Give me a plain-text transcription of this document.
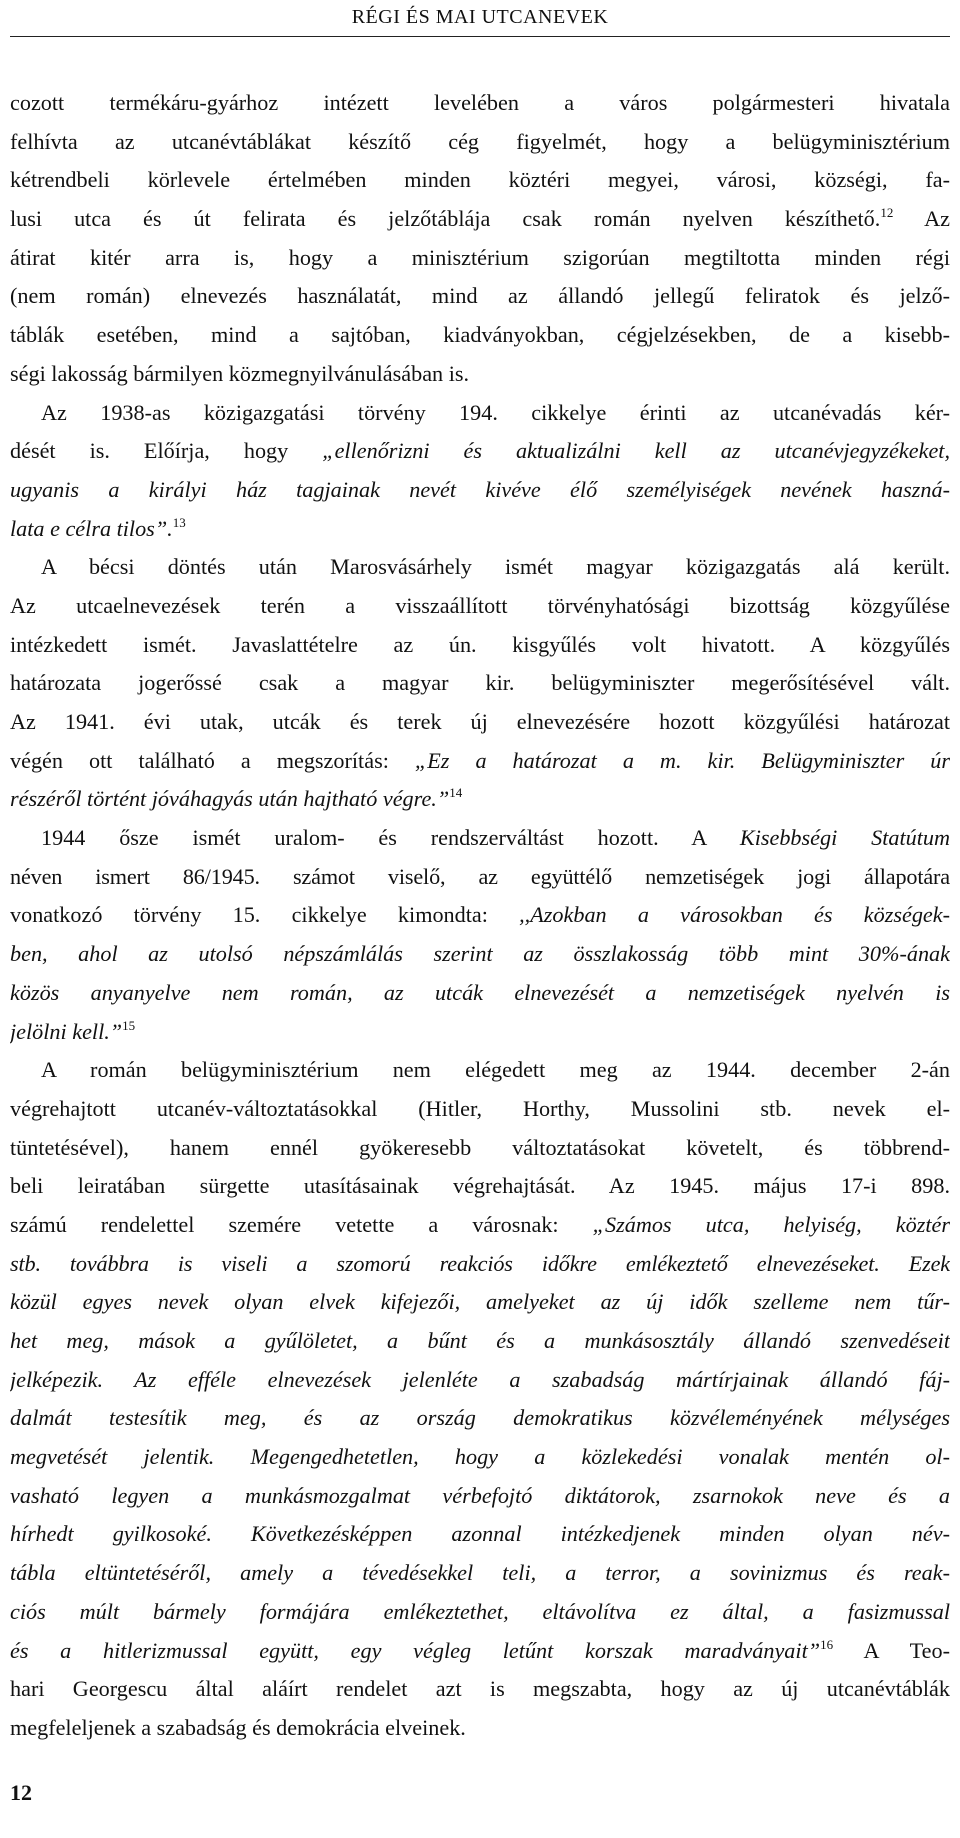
RÉGI ÉS MAI UTCANEVEK
cozott termékáru-gyárhoz intézett levelében a város polgármesteri hivatala
felhívta az utcanévtáblákat készítő cég figyelmét, hogy a belügyminisztérium
kétrendbeli körlevele értelmében minden köztéri megyei, városi, községi, fa-
lusi utca és út felirata és jelzőtáblája csak román nyelven készíthető.$^{12}$ Az
átirat kitér arra is, hogy a minisztérium szigorúan megtiltotta minden régi
(nem román) elnevezés használatát, mind az állandó jellegű feliratok és jelző-
táblák esetében, mind a sajtóban, kiadványokban, cégjelzésekben, de a kisebb-
ségi lakosság bármilyen közmegnyilvánulásában is.
Az 1938-as közigazgatási törvény 194. cikkelye érinti az utcanévadás kér-
dését is. Előírja, hogy „ellenőrizni és aktualizálni kell az utcanévjegyzékeket,
ugyanis a királyi ház tagjainak nevét kivéve élő személyiségek nevének haszná-
lata e célra tilos”.$^{13}$
A bécsi döntés után Marosvásárhely ismét magyar közigazgatás alá került.
Az utcaelnevezések terén a visszaállított törvényhatósági bizottság közgyűlése
intézkedett ismét. Javaslattételre az ún. kisgyűlés volt hivatott. A közgyűlés
határozata jogerőssé csak a magyar kir. belügyminiszter megerősítésével vált.
Az 1941. évi utak, utcák és terek új elnevezésére hozott közgyűlési határozat
végén ott található a megszorítás: „Ez a határozat a m. kir. Belügyminiszter úr
részéről történt jóváhagyás után hajtható végre.”$^{14}$
1944 ősze ismét uralom- és rendszerváltást hozott. A Kisebbségi Statútum
néven ismert 86/1945. számot viselő, az együttélő nemzetiségek jogi állapotára
vonatkozó törvény 15. cikkelye kimondta: ,,Azokban a városokban és községek-
ben, ahol az utolsó népszámlálás szerint az összlakosság több mint 30%-ának
közös anyanyelve nem román, az utcák elnevezését a nemzetiségek nyelvén is
jelölni kell.”$^{15}$
A román belügyminisztérium nem elégedett meg az 1944. december 2-án
végrehajtott utcanév-változtatásokkal (Hitler, Horthy, Mussolini stb. nevek el-
tüntetésével), hanem ennél gyökeresebb változtatásokat követelt, és többrend-
beli leiratában sürgette utasításainak végrehajtását. Az 1945. május 17-i 898.
számú rendelettel szemére vetette a városnak: „Számos utca, helyiség, köztér
stb. továbbra is viseli a szomorú reakciós időkre emlékeztető elnevezéseket. Ezek
közül egyes nevek olyan elvek kifejezői, amelyeket az új idők szelleme nem tűr-
het meg, mások a gyűlöletet, a bűnt és a munkásosztály állandó szenvedéseit
jelképezik. Az efféle elnevezések jelenléte a szabadság mártírjainak állandó fáj-
dalmát testesítik meg, és az ország demokratikus közvéleményének mélységes
megvetését jelentik. Megengedhetetlen, hogy a közlekedési vonalak mentén ol-
vasható legyen a munkásmozgalmat vérbefojtó diktátorok, zsarnokok neve és a
hírhedt gyilkosoké. Következésképpen azonnal intézkedjenek minden olyan név-
tábla eltüntetéséről, amely a tévedésekkel teli, a terror, a sovinizmus és reak-
ciós múlt bármely formájára emlékeztethet, eltávolítva ez által, a fasizmussal
és a hitlerizmussal együtt, egy végleg letűnt korszak maradványait”$^{16}$ A Teo-
hari Georgescu által aláírt rendelet azt is megszabta, hogy az új utcanévtáblák
megfeleljenek a szabadság és demokrácia elveinek.
12
